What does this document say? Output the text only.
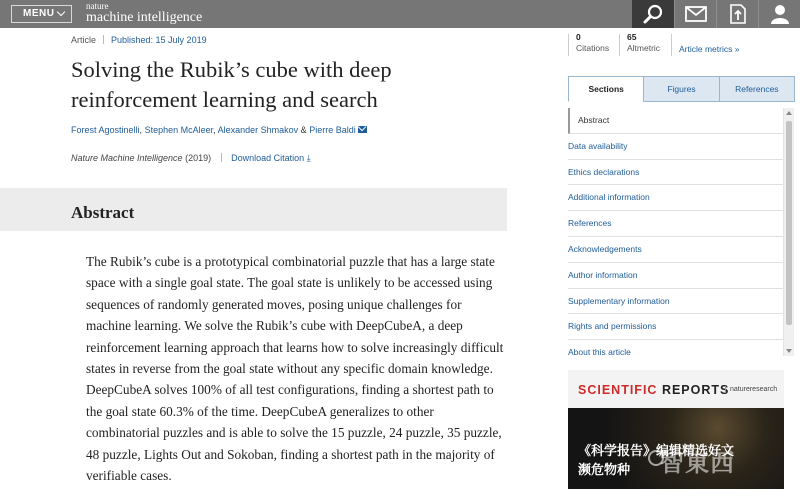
MENU
nature
machine intelligence
Article Published: 15 July 2019
Solving the Rubik’s cube with deep reinforcement learning and search
Forest Agostinelli, Stephen McAleer, Alexander Shmakov & Pierre Baldi
Nature Machine Intelligence (2019) Download Citation ⤓
Abstract

The Rubik’s cube is a prototypical combinatorial puzzle that has a large state space with a single goal state. The goal state is unlikely to be accessed using sequences of randomly generated moves, posing unique challenges for machine learning. We solve the Rubik’s cube with DeepCubeA, a deep reinforcement learning approach that learns how to solve increasingly difficult states in reverse from the goal state without any specific domain knowledge. DeepCubeA solves 100% of all test configurations, finding a shortest path to the goal state 60.3% of the time. DeepCubeA generalizes to other combinatorial puzzles and is able to solve the 15 puzzle, 24 puzzle, 35 puzzle, 48 puzzle, Lights Out and Sokoban, finding a shortest path in the majority of verifiable cases.

0
Citations
65
Altmetric Article metrics »
Sections	Figures	References
Abstract
Data availability
Ethics declarations
Additional information
References
Acknowledgements
Author information
Supplementary information
Rights and permissions
About this article
SCIENTIFIC REPORTS natureresearch
《科学报告》编辑精选好文
濒危物种 智東西
